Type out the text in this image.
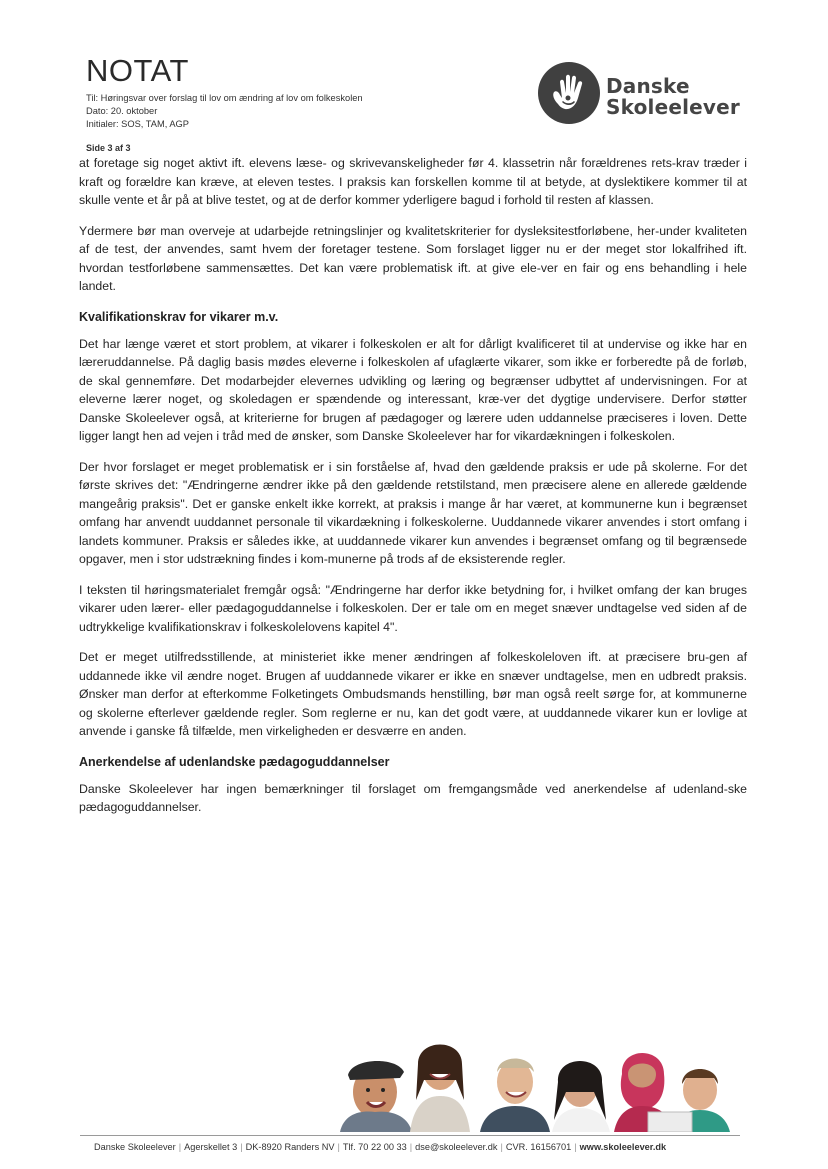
NOTAT
Til: Høringsvar over forslag til lov om ændring af lov om folkeskolen
Dato: 20. oktober
Initialer: SOS, TAM, AGP
Danske
Skoleelever
Side 3 af 3

at foretage sig noget aktivt ift. elevens læse- og skrivevanskeligheder før 4. klassetrin når forældrenes rets-krav træder i kraft og forældre kan kræve, at eleven testes. I praksis kan forskellen komme til at betyde, at dyslektikere kommer til at skulle vente et år på at blive testet, og at de derfor kommer yderligere bagud i forhold til resten af klassen.

Ydermere bør man overveje at udarbejde retningslinjer og kvalitetskriterier for dysleksitestforløbene, her-under kvaliteten af de test, der anvendes, samt hvem der foretager testene. Som forslaget ligger nu er der meget stor lokalfrihed ift. hvordan testforløbene sammensættes. Det kan være problematisk ift. at give ele-ver en fair og ens behandling i hele landet.

Kvalifikationskrav for vikarer m.v.

Det har længe været et stort problem, at vikarer i folkeskolen er alt for dårligt kvalificeret til at undervise og ikke har en læreruddannelse. På daglig basis mødes eleverne i folkeskolen af ufaglærte vikarer, som ikke er forberedte på de forløb, de skal gennemføre. Det modarbejder elevernes udvikling og læring og begrænser udbyttet af undervisningen. For at eleverne lærer noget, og skoledagen er spændende og interessant, kræ-ver det dygtige undervisere. Derfor støtter Danske Skoleelever også, at kriterierne for brugen af pædagoger og lærere uden uddannelse præciseres i loven. Dette ligger langt hen ad vejen i tråd med de ønsker, som Danske Skoleelever har for vikardækningen i folkeskolen.

Der hvor forslaget er meget problematisk er i sin forståelse af, hvad den gældende praksis er ude på skolerne. For det første skrives det: "Ændringerne ændrer ikke på den gældende retstilstand, men præcisere alene en allerede gældende mangeårig praksis". Det er ganske enkelt ikke korrekt, at praksis i mange år har været, at kommunerne kun i begrænset omfang har anvendt uuddannet personale til vikardækning i folkeskolerne. Uuddannede vikarer anvendes i stort omfang i landets kommuner. Praksis er således ikke, at uuddannede vikarer kun anvendes i begrænset omfang og til begrænsede opgaver, men i stor udstrækning findes i kom-munerne på trods af de eksisterende regler.

I teksten til høringsmaterialet fremgår også: "Ændringerne har derfor ikke betydning for, i hvilket omfang der kan bruges vikarer uden lærer- eller pædagoguddannelse i folkeskolen. Der er tale om en meget snæver undtagelse ved siden af de udtrykkelige kvalifikationskrav i folkeskolelovens kapitel 4".

Det er meget utilfredsstillende, at ministeriet ikke mener ændringen af folkeskoleloven ift. at præcisere bru-gen af uddannede ikke vil ændre noget. Brugen af uuddannede vikarer er ikke en snæver undtagelse, men en udbredt praksis. Ønsker man derfor at efterkomme Folketingets Ombudsmands henstilling, bør man også reelt sørge for, at kommunerne og skolerne efterlever gældende regler. Som reglerne er nu, kan det godt være, at uuddannede vikarer kun er lovlige at anvende i ganske få tilfælde, men virkeligheden er desværre en anden.

Anerkendelse af udenlandske pædagoguddannelser

Danske Skoleelever har ingen bemærkninger til forslaget om fremgangsmåde ved anerkendelse af udenland-ske pædagoguddannelser.

Danske Skoleelever | Agerskellet 3 | DK-8920 Randers NV | Tlf. 70 22 00 33 | dse@skoleelever.dk | CVR. 16156701 | www.skoleelever.dk
